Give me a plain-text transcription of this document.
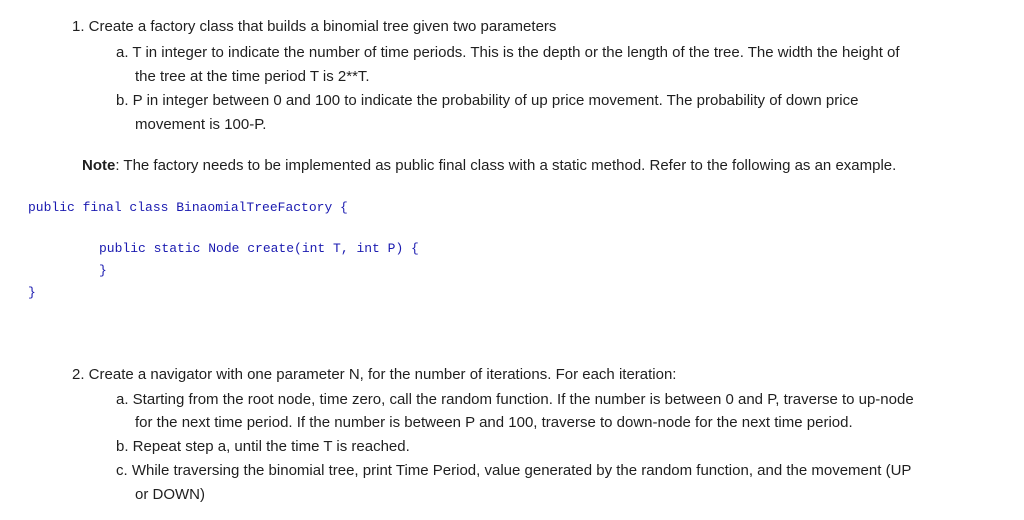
1. Create a factory class that builds a binomial tree given two parameters
a. T in integer to indicate the number of time periods. This is the depth or the length of the tree. The width the height of
the tree at the time period T is 2**T.
b. P in integer between 0 and 100 to indicate the probability of up price movement. The probability of down price
movement is 100-P.
Note: The factory needs to be implemented as public final class with a static method. Refer to the following as an example.
public final class BinaomialTreeFactory {
public static Node create(int T, int P) {
}
}
2. Create a navigator with one parameter N, for the number of iterations. For each iteration:
a. Starting from the root node, time zero, call the random function. If the number is between 0 and P, traverse to up-node
for the next time period. If the number is between P and 100, traverse to down-node for the next time period.
b. Repeat step a, until the time T is reached.
c. While traversing the binomial tree, print Time Period, value generated by the random function, and the movement (UP
or DOWN)
